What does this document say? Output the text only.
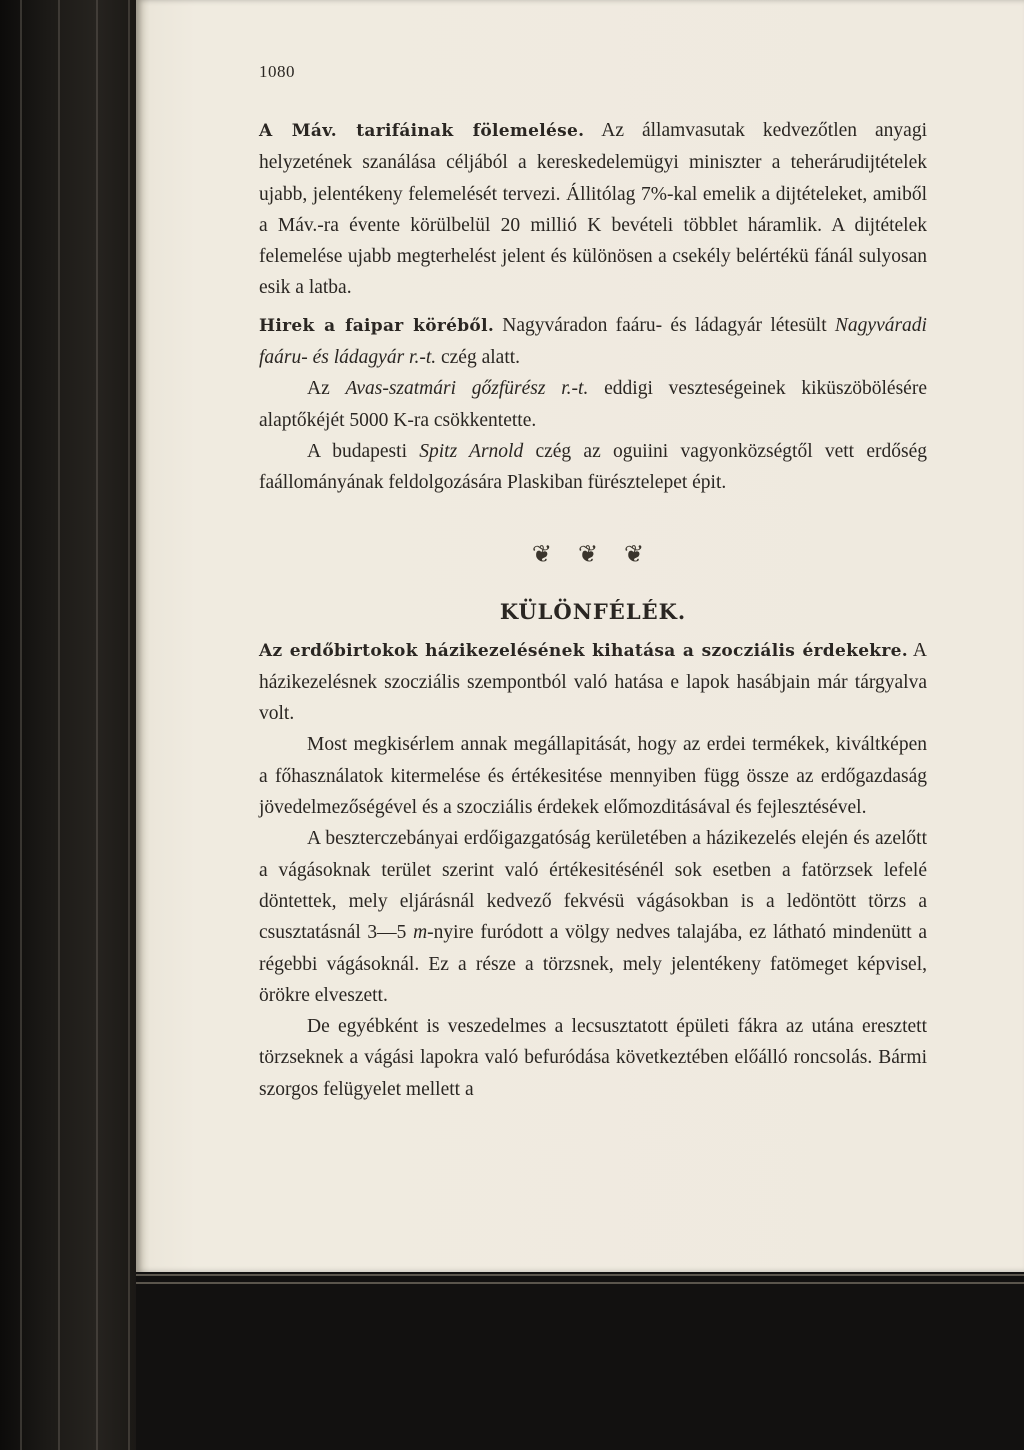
1080

A Máv. tarifáinak fölemelése. Az államvasutak kedvezőtlen anyagi helyzetének szanálása céljából a kereskedelemügyi miniszter a teherárudijtételek ujabb, jelentékeny felemelését tervezi. Állitólag 7%-kal emelik a dijtételeket, amiből a Máv.-ra évente körülbelül 20 millió K bevételi többlet háramlik. A dijtételek felemelése ujabb megterhelést jelent és különösen a csekély belértékü fánál sulyosan esik a latba.

Hirek a faipar köréből. Nagyváradon faáru- és ládagyár létesült Nagyváradi faáru- és ládagyár r.-t. czég alatt.

Az Avas-szatmári gőzfürész r.-t. eddigi veszteségeinek kiküszöbölésére alaptőkéjét 5000 K-ra csökkentette.

A budapesti Spitz Arnold czég az oguiini vagyonközségtől vett erdőség faállományának feldolgozására Plaskiban fürésztelepet épit.

❦ ❦ ❦
KÜLÖNFÉLÉK.

Az erdőbirtokok házikezelésének kihatása a szocziális érdekekre. A házikezelésnek szocziális szempontból való hatása e lapok hasábjain már tárgyalva volt.

Most megkisérlem annak megállapitását, hogy az erdei termékek, kiváltképen a főhasználatok kitermelése és értékesitése mennyiben függ össze az erdőgazdaság jövedelmezőségével és a szocziális érdekek előmozditásával és fejlesztésével.

A beszterczebányai erdőigazgatóság kerületében a házikezelés elején és azelőtt a vágásoknak terület szerint való értékesitésénél sok esetben a fatörzsek lefelé döntettek, mely eljárásnál kedvező fekvésü vágásokban is a ledöntött törzs a csusztatásnál 3—5 m-nyire furódott a völgy nedves talajába, ez látható mindenütt a régebbi vágásoknál. Ez a része a törzsnek, mely jelentékeny fatömeget képvisel, örökre elveszett.

De egyébként is veszedelmes a lecsusztatott épületi fákra az utána eresztett törzseknek a vágási lapokra való befuródása következtében előálló roncsolás. Bármi szorgos felügyelet mellett a
